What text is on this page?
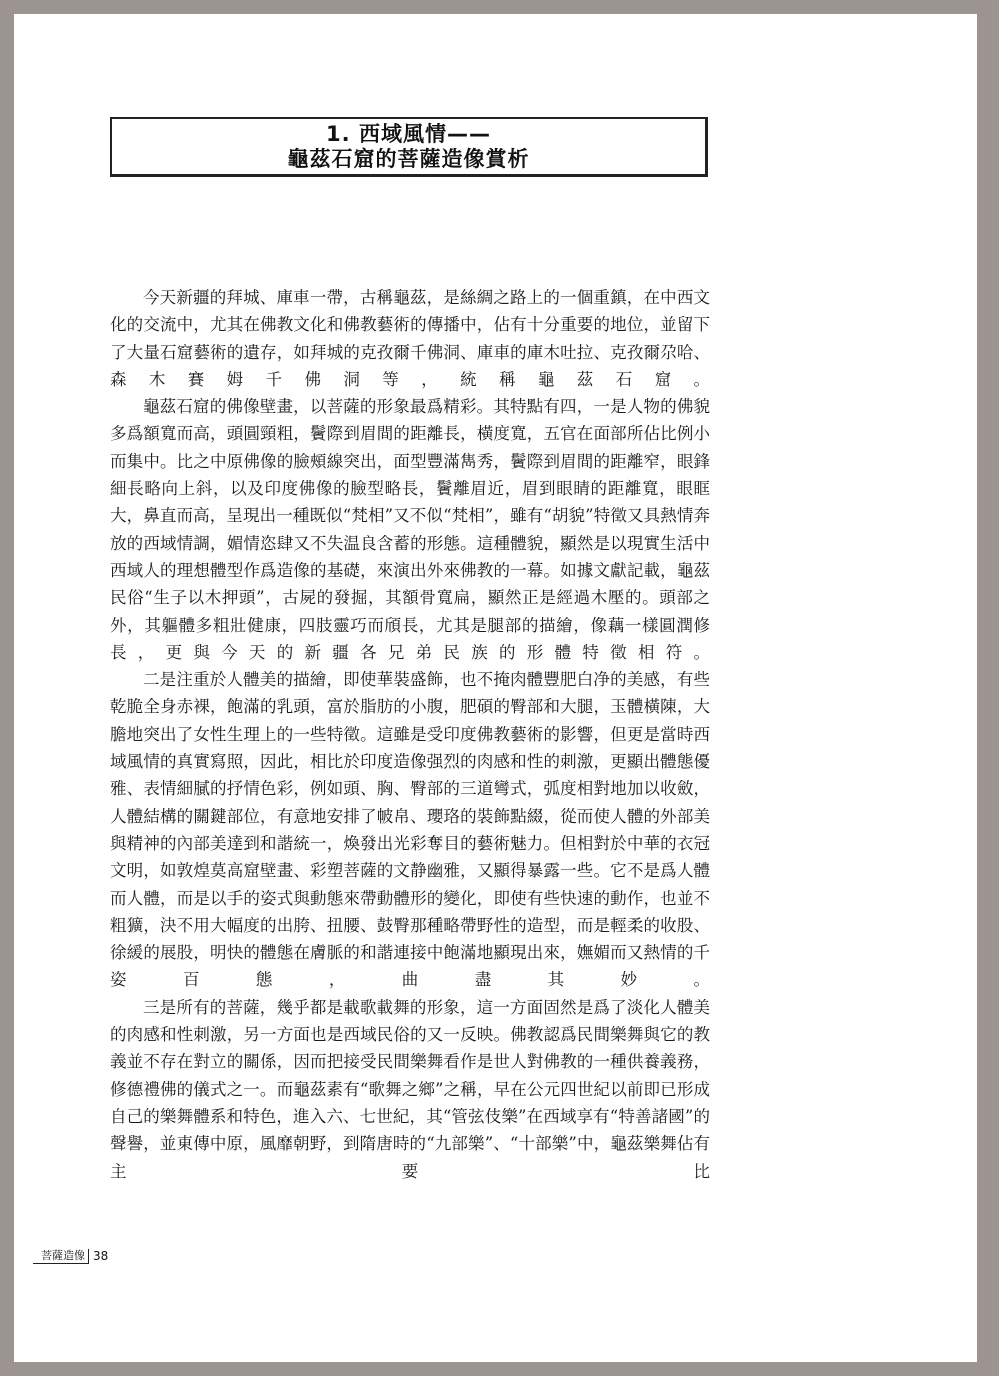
1. 西域風情——
龜茲石窟的菩薩造像賞析

今天新疆的拜城、庫車一帶，古稱龜茲，是絲綢之路上的一個重鎮，在中西文化的交流中，尤其在佛教文化和佛教藝術的傳播中，佔有十分重要的地位，並留下了大量石窟藝術的遺存，如拜城的克孜爾千佛洞、庫車的庫木吐拉、克孜爾尕哈、森木賽姆千佛洞等，統稱龜茲石窟。

龜茲石窟的佛像壁畫，以菩薩的形象最爲精彩。其特點有四，一是人物的佛貌多爲額寬而高，頭圓頸粗，鬢際到眉間的距離長，橫度寬，五官在面部所佔比例小而集中。比之中原佛像的臉頰線突出，面型豐滿雋秀，鬢際到眉間的距離窄，眼鋒細長略向上斜，以及印度佛像的臉型略長，鬢離眉近，眉到眼睛的距離寬，眼眶大，鼻直而高，呈現出一種既似“梵相”又不似“梵相”，雖有“胡貌”特徵又具熱情奔放的西域情調，媚情恣肆又不失温良含蓄的形態。這種體貌，顯然是以現實生活中西域人的理想體型作爲造像的基礎，來演出外來佛教的一幕。如據文獻記載，龜茲民俗“生子以木押頭”，古屍的發掘，其額骨寬扁，顯然正是經過木壓的。頭部之外，其軀體多粗壯健康，四肢靈巧而頎長，尤其是腿部的描繪，像藕一樣圓潤修長，更與今天的新疆各兄弟民族的形體特徵相符。

二是注重於人體美的描繪，即使華裝盛飾，也不掩肉體豐肥白净的美感，有些乾脆全身赤裸，飽滿的乳頭，富於脂肪的小腹，肥碩的臀部和大腿，玉體橫陳，大膽地突出了女性生理上的一些特徵。這雖是受印度佛教藝術的影響，但更是當時西域風情的真實寫照，因此，相比於印度造像强烈的肉感和性的刺激，更顯出體態優雅、表情細膩的抒情色彩，例如頭、胸、臀部的三道彎式，弧度相對地加以收斂，人體結構的關鍵部位，有意地安排了帔帛、瓔珞的裝飾點綴，從而使人體的外部美與精神的內部美達到和諧統一，煥發出光彩奪目的藝術魅力。但相對於中華的衣冠文明，如敦煌莫高窟壁畫、彩塑菩薩的文静幽雅，又顯得暴露一些。它不是爲人體而人體，而是以手的姿式與動態來帶動體形的變化，即使有些快速的動作，也並不粗獷，決不用大幅度的出胯、扭腰、鼓臀那種略帶野性的造型，而是輕柔的收股、徐緩的展股，明快的體態在膚脈的和諧連接中飽滿地顯現出來，嫵媚而又熱情的千姿百態，曲盡其妙。

三是所有的菩薩，幾乎都是載歌載舞的形象，這一方面固然是爲了淡化人體美的肉感和性刺激，另一方面也是西域民俗的又一反映。佛教認爲民間樂舞與它的教義並不存在對立的關係，因而把接受民間樂舞看作是世人對佛教的一種供養義務，修德禮佛的儀式之一。而龜茲素有“歌舞之鄉”之稱，早在公元四世紀以前即已形成自己的樂舞體系和特色，進入六、七世紀，其“管弦伎樂”在西域享有“特善諸國”的聲譽，並東傳中原，風靡朝野，到隋唐時的“九部樂”、“十部樂”中，龜茲樂舞佔有主要比

菩薩造像 38
